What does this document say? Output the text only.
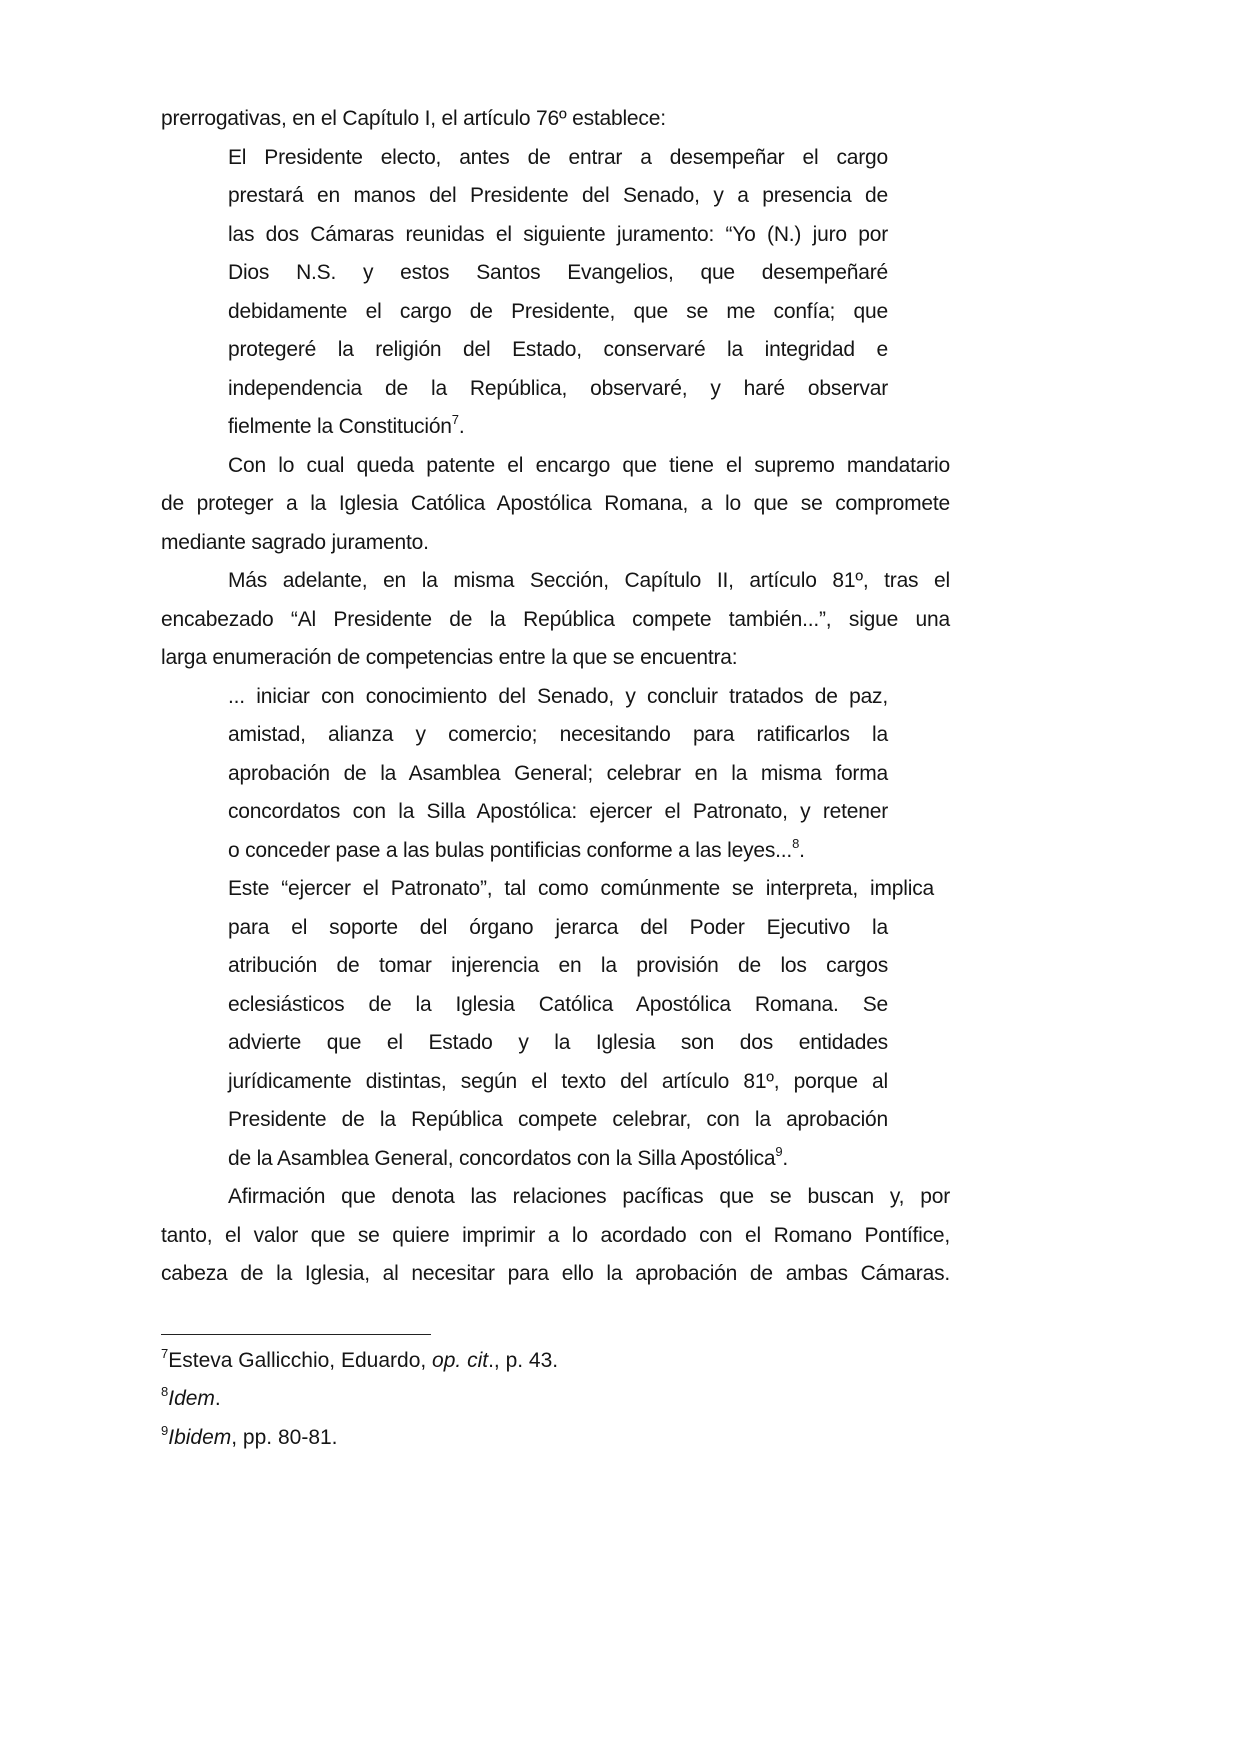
prerrogativas, en el Capítulo I, el artículo 76º establece:
El Presidente electo, antes de entrar a desempeñar el cargo
prestará en manos del Presidente del Senado, y a presencia de
las dos Cámaras reunidas el siguiente juramento: “Yo (N.) juro por
Dios N.S. y estos Santos Evangelios, que desempeñaré
debidamente el cargo de Presidente, que se me confía; que
protegeré la religión del Estado, conservaré la integridad e
independencia de la República, observaré, y haré observar
fielmente la Constitución$^7$.
Con lo cual queda patente el encargo que tiene el supremo mandatario
de proteger a la Iglesia Católica Apostólica Romana, a lo que se compromete
mediante sagrado juramento.
Más adelante, en la misma Sección, Capítulo II, artículo 81º, tras el
encabezado “Al Presidente de la República compete también...”, sigue una
larga enumeración de competencias entre la que se encuentra:
... iniciar con conocimiento del Senado, y concluir tratados de paz,
amistad, alianza y comercio; necesitando para ratificarlos la
aprobación de la Asamblea General; celebrar en la misma forma
concordatos con la Silla Apostólica: ejercer el Patronato, y retener
o conceder pase a las bulas pontificias conforme a las leyes...$^8$.
Este “ejercer el Patronato”, tal como comúnmente se interpreta, implica
para el soporte del órgano jerarca del Poder Ejecutivo la
atribución de tomar injerencia en la provisión de los cargos
eclesiásticos de la Iglesia Católica Apostólica Romana. Se
advierte que el Estado y la Iglesia son dos entidades
jurídicamente distintas, según el texto del artículo 81º, porque al
Presidente de la República compete celebrar, con la aprobación
de la Asamblea General, concordatos con la Silla Apostólica$^9$.
Afirmación que denota las relaciones pacíficas que se buscan y, por
tanto, el valor que se quiere imprimir a lo acordado con el Romano Pontífice,
cabeza de la Iglesia, al necesitar para ello la aprobación de ambas Cámaras.
$^7$Esteva Gallicchio, Eduardo, op. cit., p. 43.
$^8$Idem.
$^9$Ibidem, pp. 80-81.
